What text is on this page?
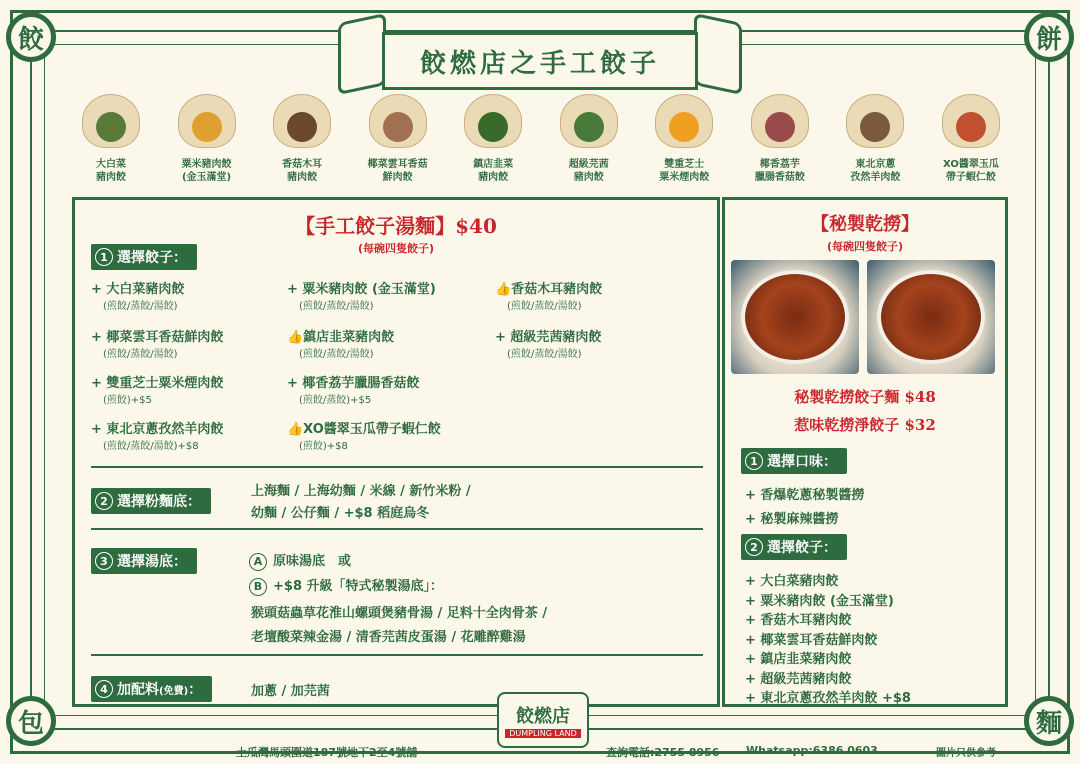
餃	餅
包	麵
餃燃店之手工餃子
大白菜
豬肉餃
粟米豬肉餃
(金玉滿堂)
香菇木耳
豬肉餃
椰菜雲耳香菇
鮮肉餃
鎮店韭菜
豬肉餃
超級芫茜
豬肉餃
雙重芝士
粟米煙肉餃
椰香荔芋
臘腸香菇餃
東北京蔥
孜然羊肉餃
XO醬翠玉瓜
帶子蝦仁餃
【手工餃子湯麵】$40
(每碗四隻餃子)
1 選擇餃子：
+ 大白菜豬肉餃
(煎餃/蒸餃/湯餃)
+ 粟米豬肉餃 (金玉滿堂)
(煎餃/蒸餃/湯餃)
👍香菇木耳豬肉餃
(煎餃/蒸餃/湯餃)
+ 椰菜雲耳香菇鮮肉餃
(煎餃/蒸餃/湯餃)
👍鎮店韭菜豬肉餃
(煎餃/蒸餃/湯餃)
+ 超級芫茜豬肉餃
(煎餃/蒸餃/湯餃)
+ 雙重芝士粟米煙肉餃
(煎餃)+$5
+ 椰香荔芋臘腸香菇餃
(煎餃/蒸餃)+$5
+ 東北京蔥孜然羊肉餃
(煎餃/蒸餃/湯餃)+$8
👍XO醬翠玉瓜帶子蝦仁餃
(煎餃)+$8
2 選擇粉麵底：
上海麵 / 上海幼麵 / 米線 / 新竹米粉 /
幼麵 / 公仔麵 / +$8 稻庭烏冬
3 選擇湯底：	A 原味湯底　或
B +$8 升級「特式秘製湯底」：
猴頭菇蟲草花淮山螺頭煲豬骨湯 / 足料十全肉骨茶 /
老壇酸菜辣金湯 / 清香芫茜皮蛋湯 / 花雕醉雞湯
4 加配料 (免費) ：	加蔥 / 加芫茜
【秘製乾撈】
(每碗四隻餃子)
秘製乾撈餃子麵 $48
惹味乾撈淨餃子 $32
1 選擇口味：
+ 香爆乾蔥秘製醬撈
+ 秘製麻辣醬撈
2 選擇餃子：
+ 大白菜豬肉餃
+ 粟米豬肉餃 (金玉滿堂)
+ 香菇木耳豬肉餃
+ 椰菜雲耳香菇鮮肉餃
+ 鎮店韭菜豬肉餃
+ 超級芫茜豬肉餃
+ 東北京蔥孜然羊肉餃 +$8
餃燃店
DUMPLING LAND
土瓜灣馬頭圍道187號地下2至4號舖	查詢電話:2755 8956 Whatsapp:6386 0603	圖片只供參考
